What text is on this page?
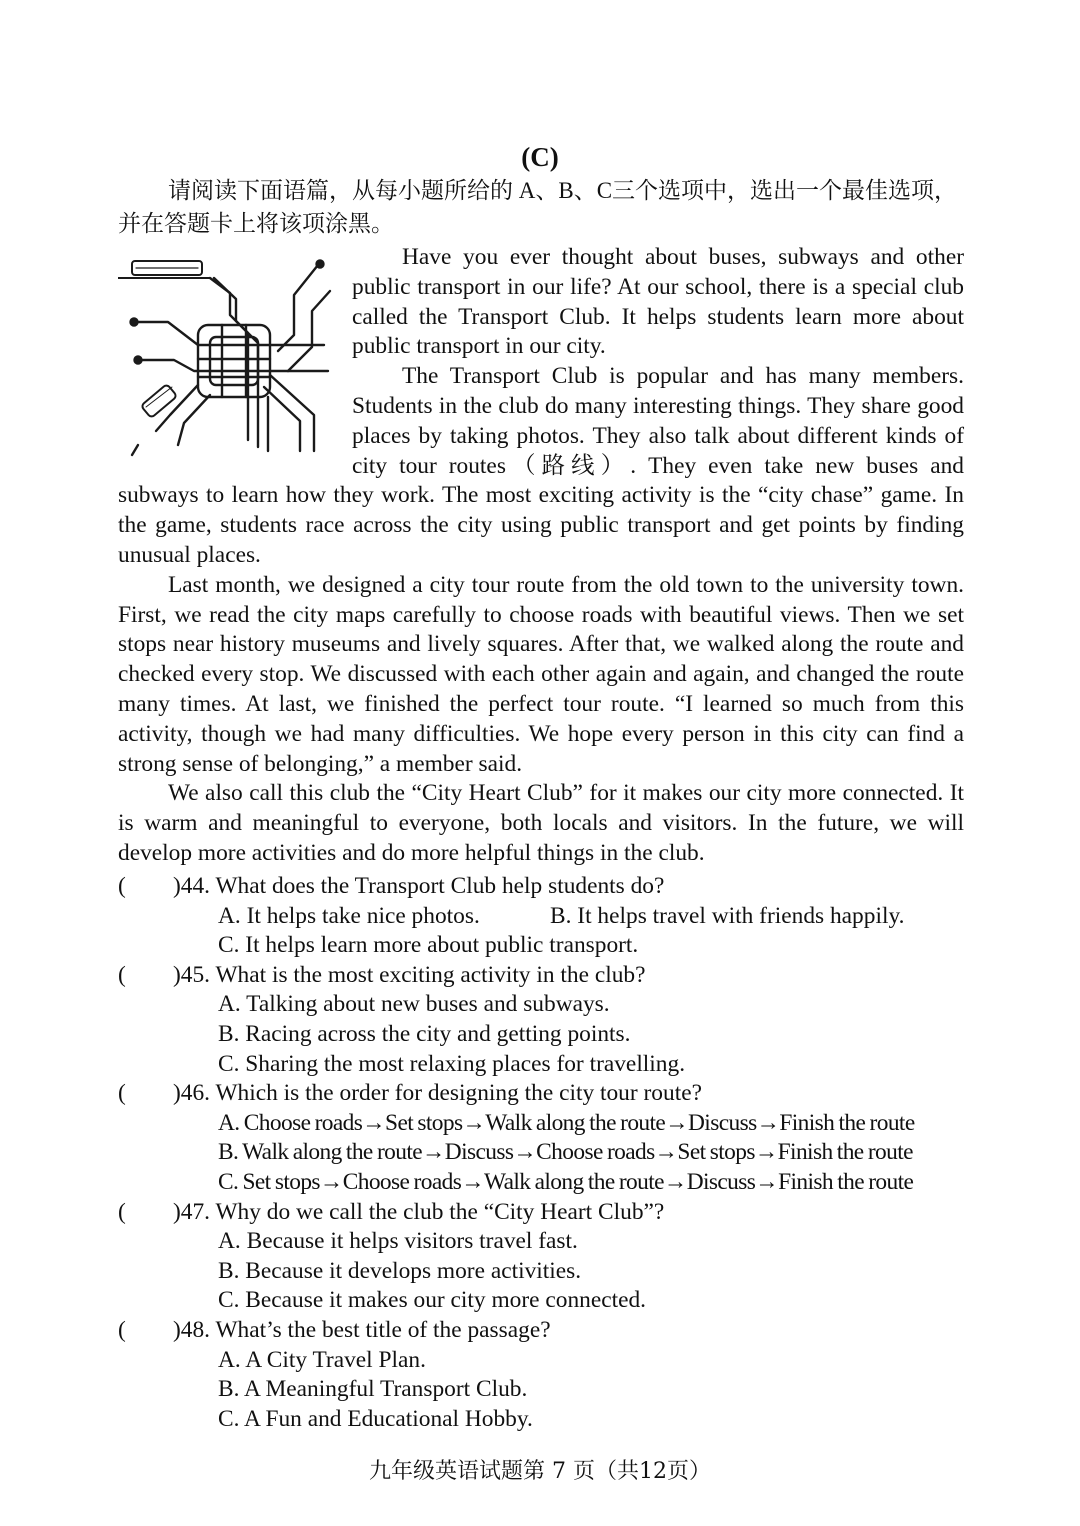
(C)
请阅读下面语篇，从每小题所给的 A、B、C三个选项中，选出一个最佳选项，并在答题卡上将该项涂黑。

Have you ever thought about buses, subways and other public transport in our life? At our school, there is a special club called the Transport Club. It helps students learn more about public transport in our city.

The Transport Club is popular and has many members. Students in the club do many interesting things. They share good places by taking photos. They also talk about different kinds of city tour routes（路线）. They even take new buses and subways to learn how they work. The most exciting activity is the “city chase” game. In the game, students race across the city using public transport and get points by finding unusual places.

Last month, we designed a city tour route from the old town to the university town. First, we read the city maps carefully to choose roads with beautiful views. Then we set stops near history museums and lively squares. After that, we walked along the route and checked every stop. We discussed with each other again and again, and changed the route many times. At last, we finished the perfect tour route. “I learned so much from this activity, though we had many difficulties. We hope every person in this city can find a strong sense of belonging,” a member said.

We also call this club the “City Heart Club” for it makes our city more connected. It is warm and meaningful to everyone, both locals and visitors. In the future, we will develop more activities and do more helpful things in the club.

( )44. What does the Transport Club help students do?
A. It helps take nice photos.	B. It helps travel with friends happily.
C. It helps learn more about public transport.
( )45. What is the most exciting activity in the club?
A. Talking about new buses and subways.
B. Racing across the city and getting points.
C. Sharing the most relaxing places for travelling.
( )46. Which is the order for designing the city tour route?
A. Choose roads→Set stops→Walk along the route→Discuss→Finish the route
B. Walk along the route→Discuss→Choose roads→Set stops→Finish the route
C. Set stops→Choose roads→Walk along the route→Discuss→Finish the route
( )47. Why do we call the club the “City Heart Club”?
A. Because it helps visitors travel fast.
B. Because it develops more activities.
C. Because it makes our city more connected.
( )48. What’s the best title of the passage?
A. A City Travel Plan.
B. A Meaningful Transport Club.
C. A Fun and Educational Hobby.
九年级英语试题第 7 页（共12页）
